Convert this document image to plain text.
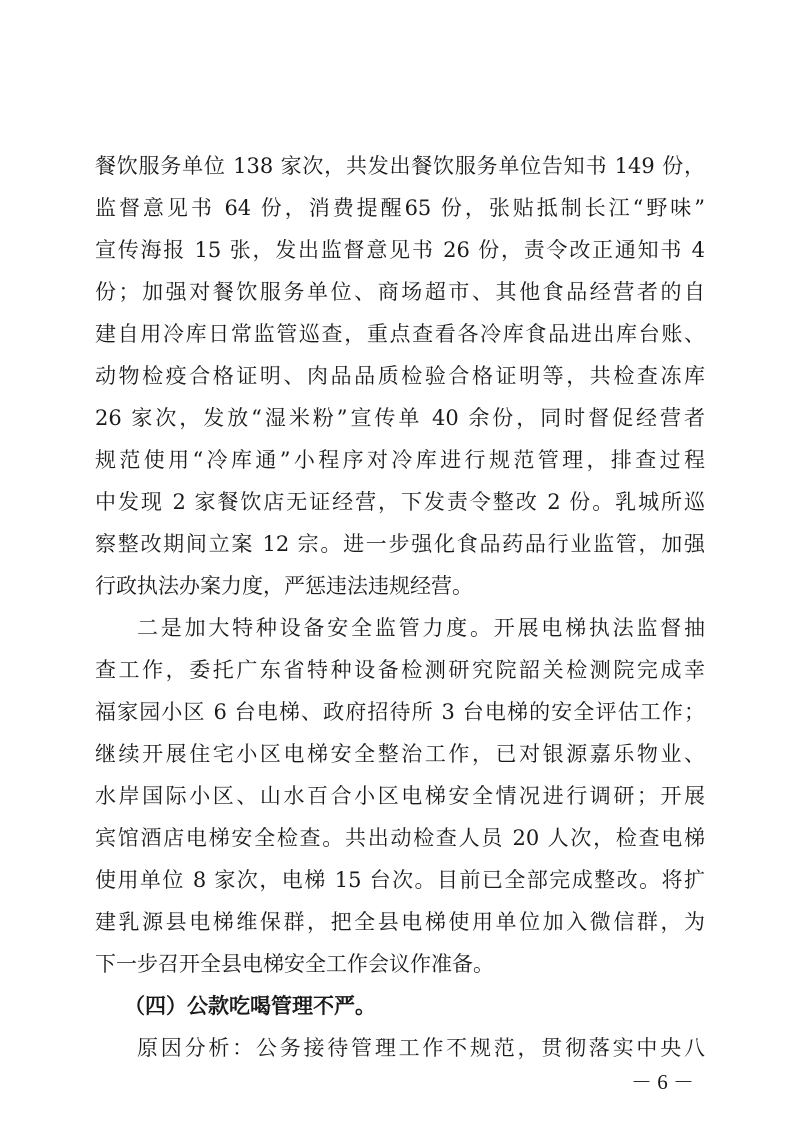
餐饮服务单位 138 家次，共发出餐饮服务单位告知书 149 份，
监督意见书 64 份，消费提醒65 份，张贴抵制长江“野味”
宣传海报 15 张，发出监督意见书 26 份，责令改正通知书 4
份；加强对餐饮服务单位、商场超市、其他食品经营者的自
建自用冷库日常监管巡查，重点查看各冷库食品进出库台账、
动物检疫合格证明、肉品品质检验合格证明等，共检查冻库
26 家次，发放“湿米粉”宣传单 40 余份，同时督促经营者
规范使用“冷库通”小程序对冷库进行规范管理，排查过程
中发现 2 家餐饮店无证经营，下发责令整改 2 份。乳城所巡
察整改期间立案 12 宗。进一步强化食品药品行业监管，加强
行政执法办案力度，严惩违法违规经营。
二是加大特种设备安全监管力度。开展电梯执法监督抽
查工作，委托广东省特种设备检测研究院韶关检测院完成幸
福家园小区 6 台电梯、政府招待所 3 台电梯的安全评估工作；
继续开展住宅小区电梯安全整治工作，已对银源嘉乐物业、
水岸国际小区、山水百合小区电梯安全情况进行调研；开展
宾馆酒店电梯安全检查。共出动检查人员 20 人次，检查电梯
使用单位 8 家次，电梯 15 台次。目前已全部完成整改。将扩
建乳源县电梯维保群，把全县电梯使用单位加入微信群，为
下一步召开全县电梯安全工作会议作准备。
（四）公款吃喝管理不严。
原因分析：公务接待管理工作不规范，贯彻落实中央八
－ 6 －
